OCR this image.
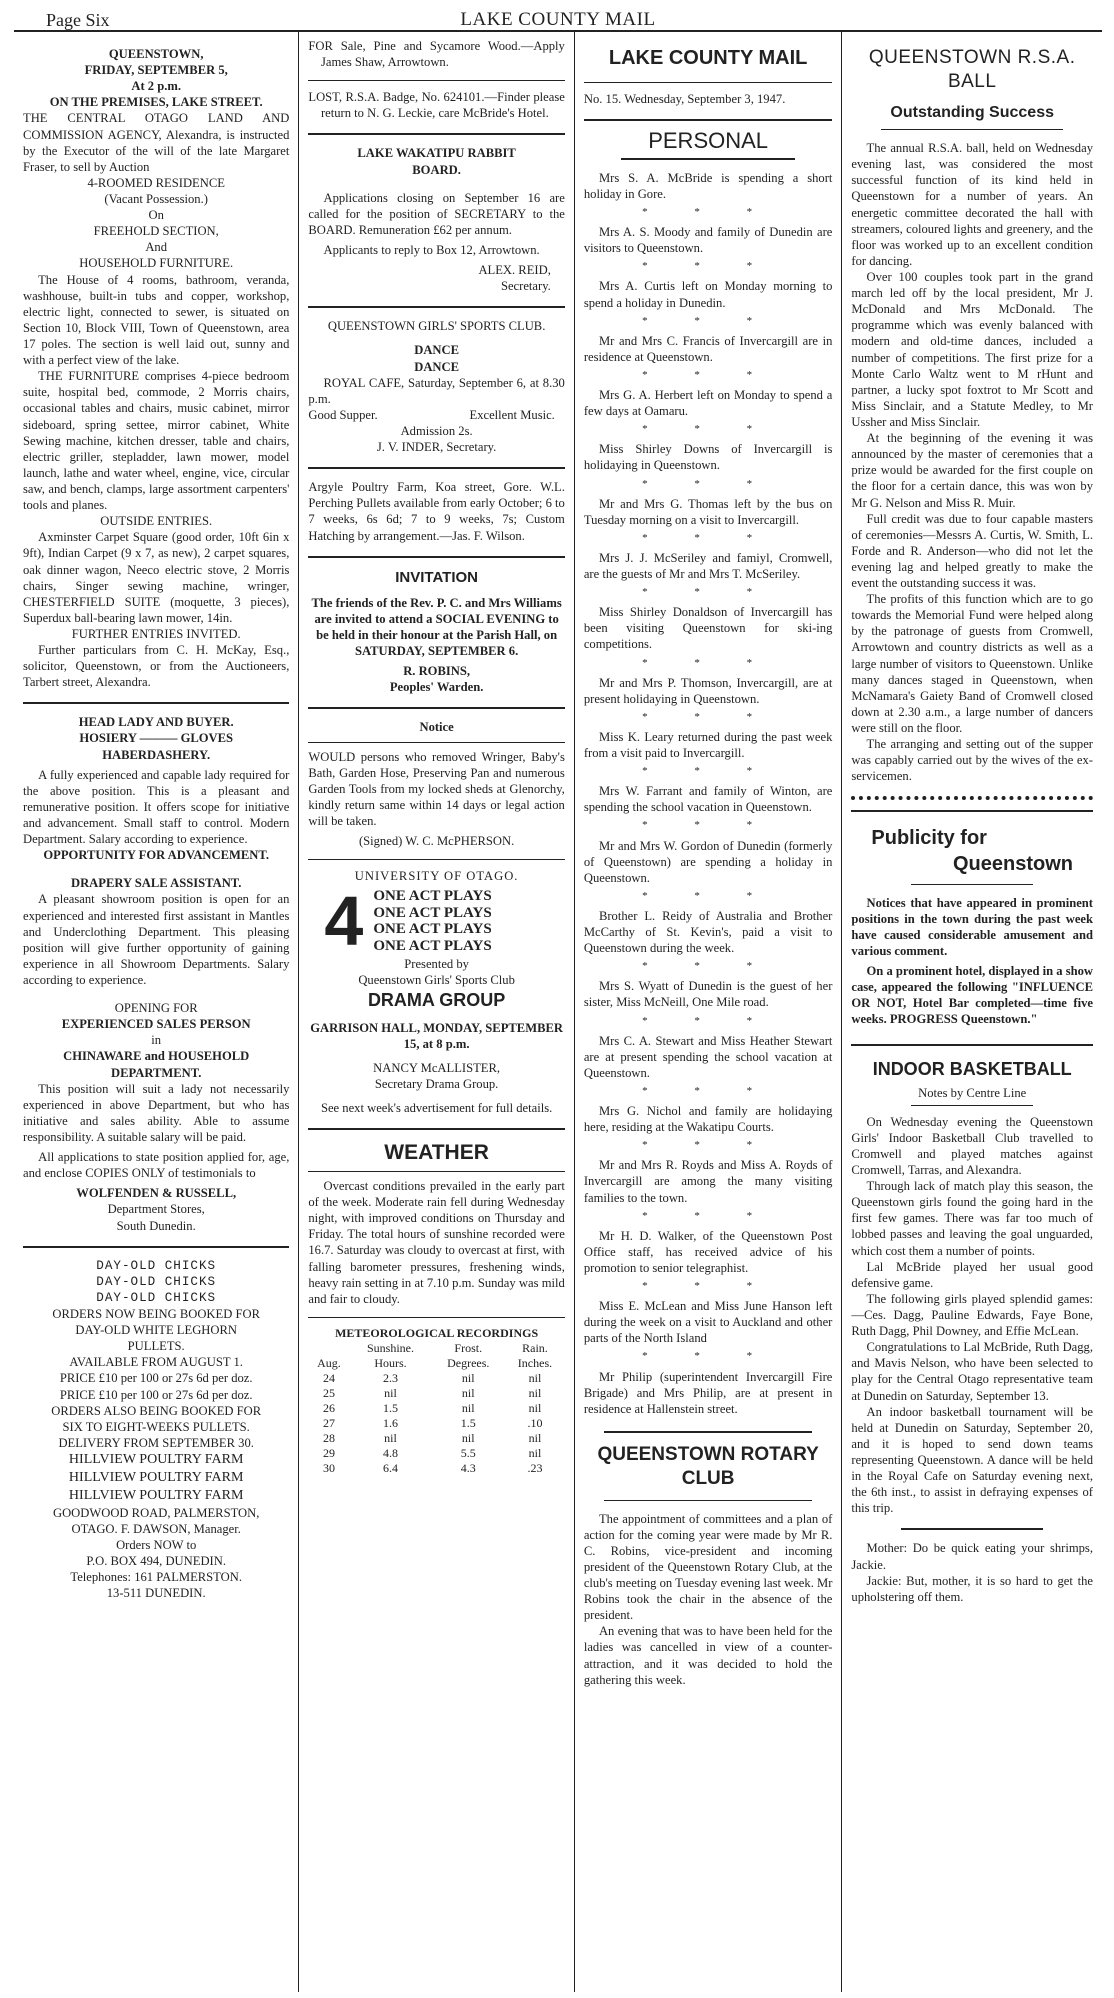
Page Six	LAKE COUNTY MAIL

QUEENSTOWN,

FRIDAY, SEPTEMBER 5,

At 2 p.m.

ON THE PREMISES, LAKE STREET.

THE CENTRAL OTAGO LAND AND COMMISSION AGENCY, Alexandra, is instructed by the Executor of the will of the late Margaret Fraser, to sell by Auction

4-ROOMED RESIDENCE

(Vacant Possession.)

On

FREEHOLD SECTION,

And

HOUSEHOLD FURNITURE.

The House of 4 rooms, bathroom, veranda, washhouse, built-in tubs and copper, workshop, electric light, connected to sewer, is situated on Section 10, Block VIII, Town of Queenstown, area 17 poles. The section is well laid out, sunny and with a perfect view of the lake.

THE FURNITURE comprises 4-piece bedroom suite, hospital bed, commode, 2 Morris chairs, occasional tables and chairs, music cabinet, mirror sideboard, spring settee, mirror cabinet, White Sewing machine, kitchen dresser, table and chairs, electric griller, stepladder, lawn mower, model launch, lathe and water wheel, engine, vice, circular saw, and bench, clamps, large assortment carpenters' tools and planes.

OUTSIDE ENTRIES.

Axminster Carpet Square (good order, 10ft 6in x 9ft), Indian Carpet (9 x 7, as new), 2 carpet squares, oak dinner wagon, Neeco electric stove, 2 Morris chairs, Singer sewing machine, wringer, CHESTERFIELD SUITE (moquette, 3 pieces), Superdux ball-bearing lawn mower, 14in.

FURTHER ENTRIES INVITED.

Further particulars from C. H. McKay, Esq., solicitor, Queenstown, or from the Auctioneers, Tarbert street, Alexandra.

HEAD LADY AND BUYER.

HOSIERY ——— GLOVES

HABERDASHERY.

A fully experienced and capable lady required for the above position. This is a pleasant and remunerative position. It offers scope for initiative and advancement. Small staff to control. Modern Department. Salary according to experience.

OPPORTUNITY FOR ADVANCEMENT.

DRAPERY SALE ASSISTANT.

A pleasant showroom position is open for an experienced and interested first assistant in Mantles and Underclothing Department. This pleasing position will give further opportunity of gaining experience in all Showroom Departments. Salary according to experience.

OPENING FOR

EXPERIENCED SALES PERSON

in

CHINAWARE and HOUSEHOLD DEPARTMENT.

This position will suit a lady not necessarily experienced in above Department, but who has initiative and sales ability. Able to assume responsibility. A suitable salary will be paid.

All applications to state position applied for, age, and enclose COPIES ONLY of testimonials to

WOLFENDEN & RUSSELL,

Department Stores,

South Dunedin.

DAY-OLD CHICKS

DAY-OLD CHICKS

DAY-OLD CHICKS

ORDERS NOW BEING BOOKED FOR

DAY-OLD WHITE LEGHORN

PULLETS.

AVAILABLE FROM AUGUST 1.

PRICE £10 per 100 or 27s 6d per doz.

PRICE £10 per 100 or 27s 6d per doz.

ORDERS ALSO BEING BOOKED FOR

SIX TO EIGHT-WEEKS PULLETS.

DELIVERY FROM SEPTEMBER 30.

HILLVIEW POULTRY FARM

HILLVIEW POULTRY FARM

HILLVIEW POULTRY FARM

GOODWOOD ROAD, PALMERSTON,

OTAGO. F. DAWSON, Manager.

Orders NOW to

P.O. BOX 494, DUNEDIN.

Telephones: 161 PALMERSTON.

13-511 DUNEDIN.

FOR Sale, Pine and Sycamore Wood.—Apply James Shaw, Arrowtown.

LOST, R.S.A. Badge, No. 624101.—Finder please return to N. G. Leckie, care McBride's Hotel.

LAKE WAKATIPU RABBIT

BOARD.

Applications closing on September 16 are called for the position of SECRETARY to the BOARD. Remuneration £62 per annum.

Applicants to reply to Box 12, Arrowtown.

ALEX. REID,

Secretary.

QUEENSTOWN GIRLS' SPORTS CLUB.

DANCE

DANCE

ROYAL CAFE, Saturday, September 6, at 8.30 p.m.

Good Supper.	Excellent Music.

Admission 2s.

J. V. INDER, Secretary.

Argyle Poultry Farm, Koa street, Gore. W.L. Perching Pullets available from early October; 6 to 7 weeks, 6s 6d; 7 to 9 weeks, 7s; Custom Hatching by arrangement.—Jas. F. Wilson.

INVITATION

The friends of the Rev. P. C. and Mrs Williams are invited to attend a SOCIAL EVENING to be held in their honour at the Parish Hall, on SATURDAY, SEPTEMBER 6.

R. ROBINS,

Peoples' Warden.

Notice

WOULD persons who removed Wringer, Baby's Bath, Garden Hose, Preserving Pan and numerous Garden Tools from my locked sheds at Glenorchy, kindly return same within 14 days or legal action will be taken.

(Signed) W. C. McPHERSON.

UNIVERSITY OF OTAGO.

4 ONE ACT PLAYS
ONE ACT PLAYS
ONE ACT PLAYS
ONE ACT PLAYS

Presented by

Queenstown Girls' Sports Club

DRAMA GROUP

GARRISON HALL, MONDAY, SEPTEMBER 15, at 8 p.m.

NANCY McALLISTER,

Secretary Drama Group.

See next week's advertisement for full details.

WEATHER

Overcast conditions prevailed in the early part of the week. Moderate rain fell during Wednesday night, with improved conditions on Thursday and Friday. The total hours of sunshine recorded were 16.7. Saturday was cloudy to overcast at first, with falling barometer pressures, freshening winds, heavy rain setting in at 7.10 p.m. Sunday was mild and fair to cloudy.

METEOROLOGICAL RECORDINGS

	Sunshine.	Frost.	Rain.
Aug.	Hours.	Degrees.	Inches.
24	2.3	nil	nil
25	nil	nil	nil
26	1.5	nil	nil
27	1.6	1.5	.10
28	nil	nil	nil
29	4.8	5.5	nil
30	6.4	4.3	.23

LAKE COUNTY MAIL

No. 15. Wednesday, September 3, 1947.

PERSONAL

Mrs S. A. McBride is spending a short holiday in Gore.

* * *

Mrs A. S. Moody and family of Dunedin are visitors to Queenstown.

* * *

Mrs A. Curtis left on Monday morning to spend a holiday in Dunedin.

* * *

Mr and Mrs C. Francis of Invercargill are in residence at Queenstown.

* * *

Mrs G. A. Herbert left on Monday to spend a few days at Oamaru.

* * *

Miss Shirley Downs of Invercargill is holidaying in Queenstown.

* * *

Mr and Mrs G. Thomas left by the bus on Tuesday morning on a visit to Invercargill.

* * *

Mrs J. J. McSeriley and famiyl, Cromwell, are the guests of Mr and Mrs T. McSeriley.

* * *

Miss Shirley Donaldson of Invercargill has been visiting Queenstown for ski-ing competitions.

* * *

Mr and Mrs P. Thomson, Invercargill, are at present holidaying in Queenstown.

* * *

Miss K. Leary returned during the past week from a visit paid to Invercargill.

* * *

Mrs W. Farrant and family of Winton, are spending the school vacation in Queenstown.

* * *

Mr and Mrs W. Gordon of Dunedin (formerly of Queenstown) are spending a holiday in Queenstown.

* * *

Brother L. Reidy of Australia and Brother McCarthy of St. Kevin's, paid a visit to Queenstown during the week.

* * *

Mrs S. Wyatt of Dunedin is the guest of her sister, Miss McNeill, One Mile road.

* * *

Mrs C. A. Stewart and Miss Heather Stewart are at present spending the school vacation at Queenstown.

* * *

Mrs G. Nichol and family are holidaying here, residing at the Wakatipu Courts.

* * *

Mr and Mrs R. Royds and Miss A. Royds of Invercargill are among the many visiting families to the town.

* * *

Mr H. D. Walker, of the Queenstown Post Office staff, has received advice of his promotion to senior telegraphist.

* * *

Miss E. McLean and Miss June Hanson left during the week on a visit to Auckland and other parts of the North Island

* * *

Mr Philip (superintendent Invercargill Fire Brigade) and Mrs Philip, are at present in residence at Hallenstein street.

QUEENSTOWN ROTARY CLUB

The appointment of committees and a plan of action for the coming year were made by Mr R. C. Robins, vice-president and incoming president of the Queenstown Rotary Club, at the club's meeting on Tuesday evening last week. Mr Robins took the chair in the absence of the president.

An evening that was to have been held for the ladies was cancelled in view of a counter-attraction, and it was decided to hold the gathering this week.

QUEENSTOWN R.S.A. BALL

Outstanding Success

The annual R.S.A. ball, held on Wednesday evening last, was considered the most successful function of its kind held in Queenstown for a number of years. An energetic committee decorated the hall with streamers, coloured lights and greenery, and the floor was worked up to an excellent condition for dancing.

Over 100 couples took part in the grand march led off by the local president, Mr J. McDonald and Mrs McDonald. The programme which was evenly balanced with modern and old-time dances, included a number of competitions. The first prize for a Monte Carlo Waltz went to M rHunt and partner, a lucky spot foxtrot to Mr Scott and Miss Sinclair, and a Statute Medley, to Mr Ussher and Miss Sinclair.

At the beginning of the evening it was announced by the master of ceremonies that a prize would be awarded for the first couple on the floor for a certain dance, this was won by Mr G. Nelson and Miss R. Muir.

Full credit was due to four capable masters of ceremonies—Messrs A. Curtis, W. Smith, L. Forde and R. Anderson—who did not let the evening lag and helped greatly to make the event the outstanding success it was.

The profits of this function which are to go towards the Memorial Fund were helped along by the patronage of guests from Cromwell, Arrowtown and country districts as well as a large number of visitors to Queenstown. Unlike many dances staged in Queenstown, when McNamara's Gaiety Band of Cromwell closed down at 2.30 a.m., a large number of dancers were still on the floor.

The arranging and setting out of the supper was capably carried out by the wives of the ex-servicemen.

Publicity for

Queenstown

Notices that have appeared in prominent positions in the town during the past week have caused considerable amusement and various comment.

On a prominent hotel, displayed in a show case, appeared the following "INFLUENCE OR NOT, Hotel Bar completed—time five weeks. PROGRESS Queenstown."

INDOOR BASKETBALL

Notes by Centre Line

On Wednesday evening the Queenstown Girls' Indoor Basketball Club travelled to Cromwell and played matches against Cromwell, Tarras, and Alexandra.

Through lack of match play this season, the Queenstown girls found the going hard in the first few games. There was far too much of lobbed passes and leaving the goal unguarded, which cost them a number of points.

Lal McBride played her usual good defensive game.

The following girls played splendid games:—Ces. Dagg, Pauline Edwards, Faye Bone, Ruth Dagg, Phil Downey, and Effie McLean.

Congratulations to Lal McBride, Ruth Dagg, and Mavis Nelson, who have been selected to play for the Central Otago representative team at Dunedin on Saturday, September 13.

An indoor basketball tournament will be held at Dunedin on Saturday, September 20, and it is hoped to send down teams representing Queenstown. A dance will be held in the Royal Cafe on Saturday evening next, the 6th inst., to assist in defraying expenses of this trip.

Mother: Do be quick eating your shrimps, Jackie.

Jackie: But, mother, it is so hard to get the upholstering off them.
